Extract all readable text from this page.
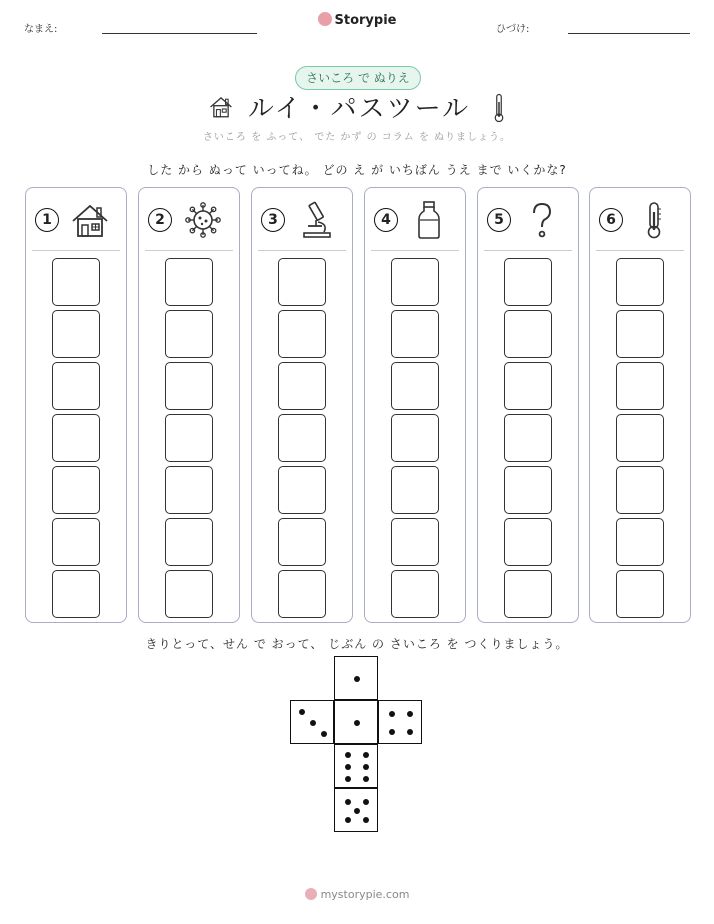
なまえ:
Storypie
ひづけ:
さいころ で ぬりえ
ルイ・パスツール
さいころ を ふって、 でた かず の コラム を ぬりましょう。
した から ぬって いってね。 どの え が いちばん うえ まで いくかな?
1	2	3	4	5	6
きりとって、せん で おって、 じぶん の さいころ を つくりましょう。
mystorypie.com
